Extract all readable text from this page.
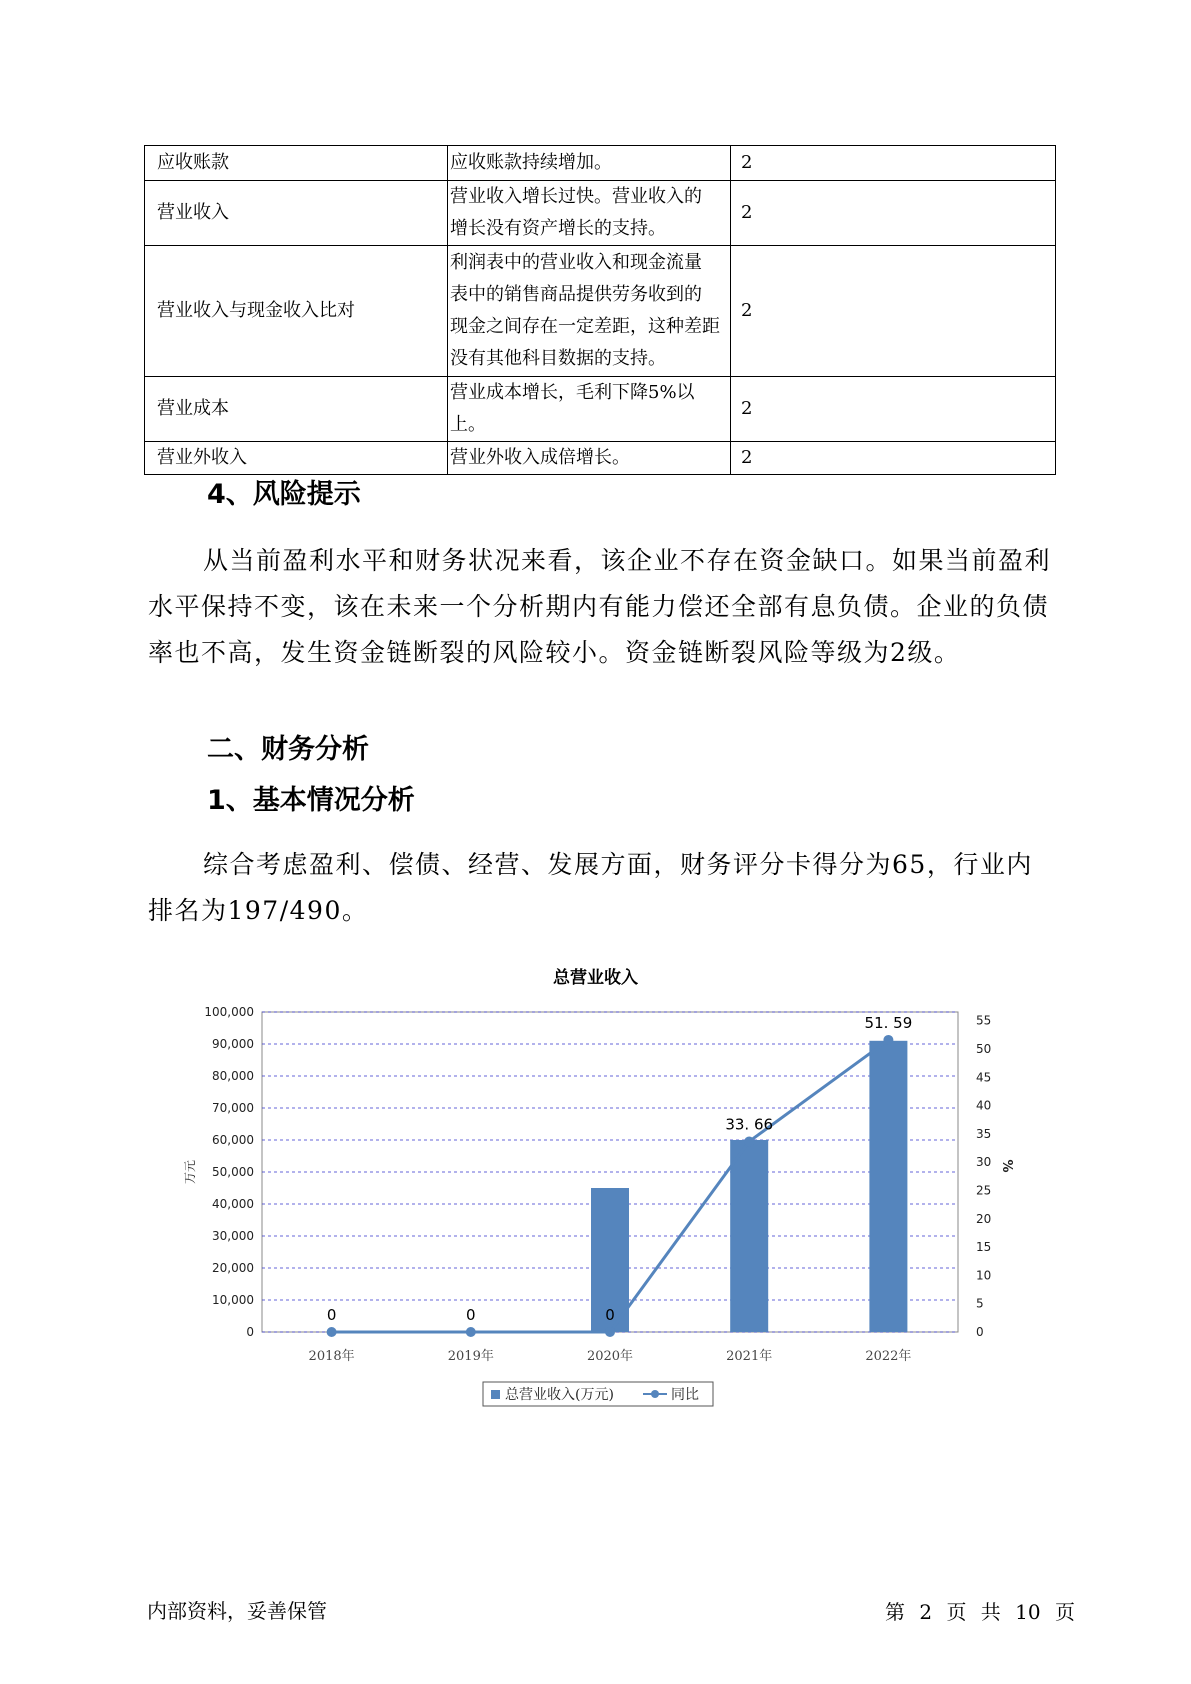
应收账款	应收账款持续增加。	2
营业收入	营业收入增长过快。营业收入的
增长没有资产增长的支持。	2
营业收入与现金收入比对	利润表中的营业收入和现金流量
表中的销售商品提供劳务收到的
现金之间存在一定差距，这种差距
没有其他科目数据的支持。	2
营业成本	营业成本增长，毛利下降5%以上。	2
营业外收入	营业外收入成倍增长。	2
4、风险提示

从当前盈利水平和财务状况来看，该企业不存在资金缺口。如果当前盈利水平保持不变，该在未来一个分析期内有能力偿还全部有息负债。企业的负债率也不高，发生资金链断裂的风险较小。资金链断裂风险等级为2级。

二、财务分析
1、基本情况分析

综合考虑盈利、偿债、经营、发展方面，财务评分卡得分为65，行业内排名为197/490。

总营业收入
0
10,000
20,000
30,000
40,000
50,000
60,000
70,000
80,000
90,000
100,000
0
5
10
15
20
25
30
35
40
45
50
55
万元	%
2018年	2019年	2020年	2021年	2022年
0	0	0
33. 66
51. 59
总营业收入(万元)	同比
内部资料，妥善保管	第 2 页 共 10 页
